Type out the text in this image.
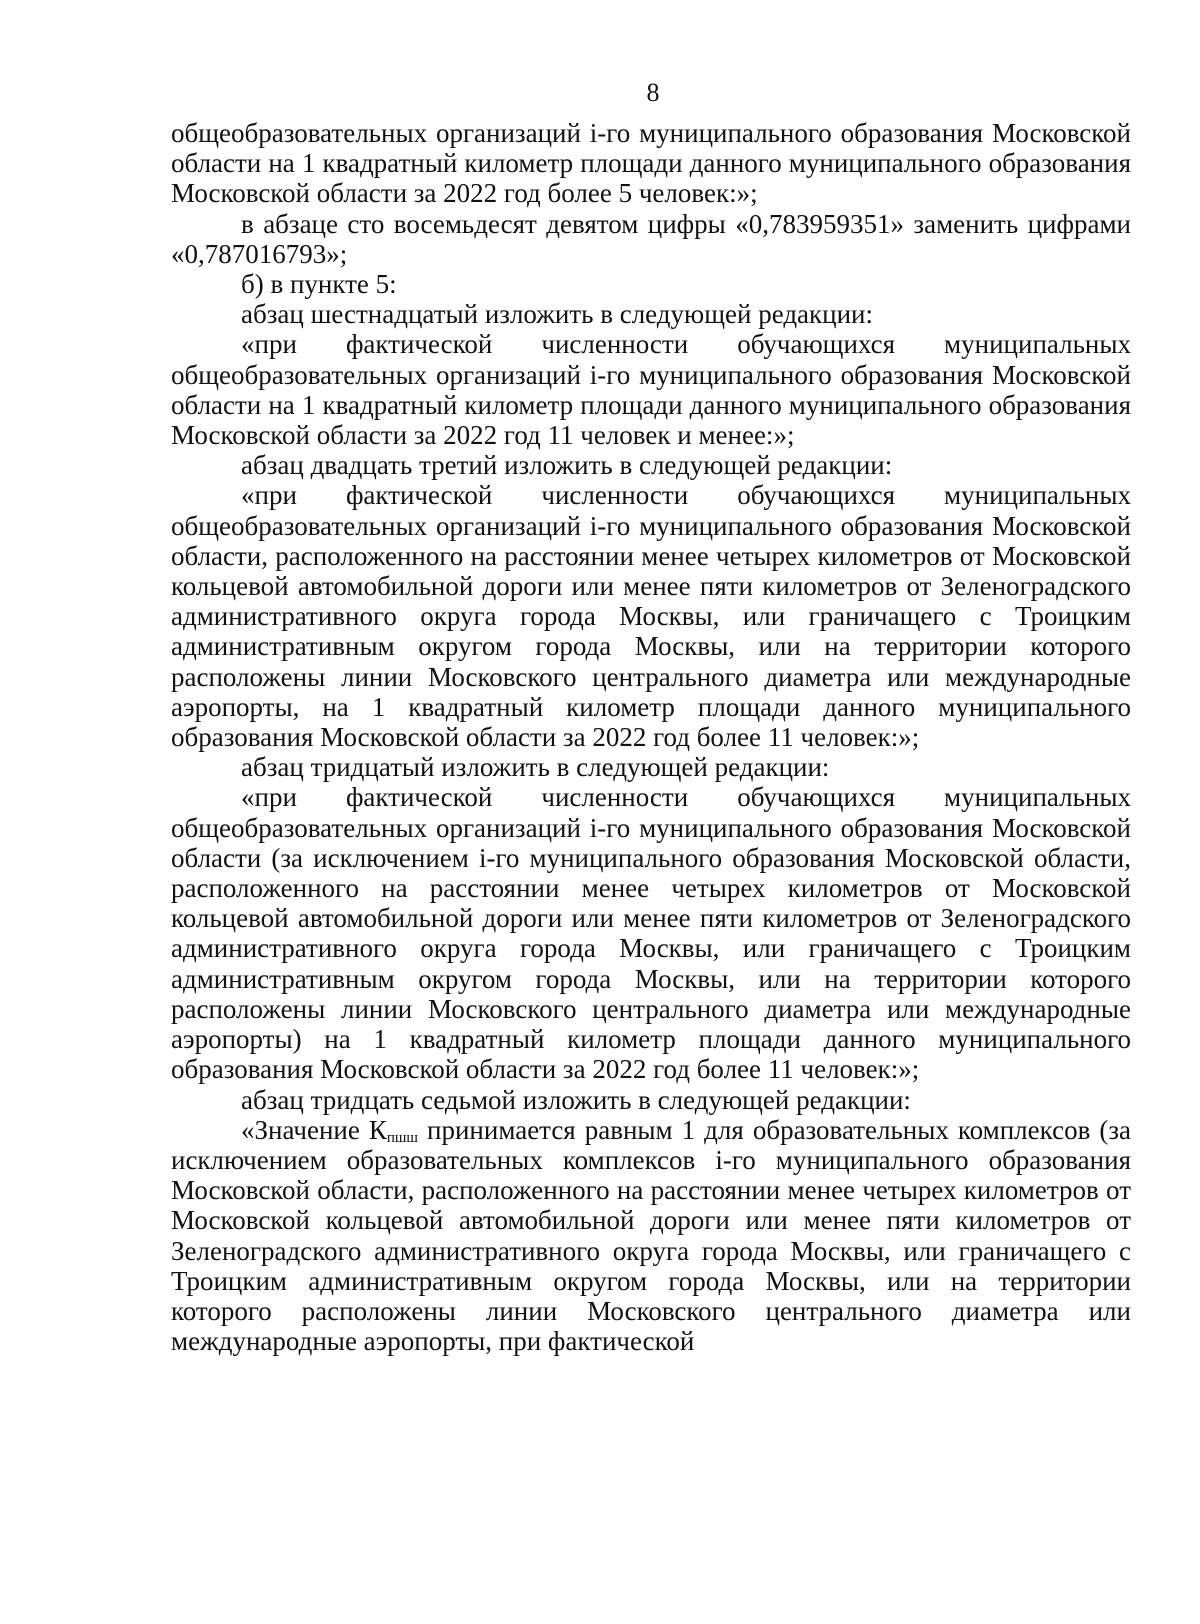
8

общеобразовательных организаций i-го муниципального образования Московской области на 1 квадратный километр площади данного муниципального образования Московской области за 2022 год более 5 человек:»;

в абзаце сто восемьдесят девятом цифры «0,783959351» заменить цифрами «0,787016793»;

б) в пункте 5:

абзац шестнадцатый изложить в следующей редакции:

«при фактической численности обучающихся муниципальных общеобразовательных организаций i-го муниципального образования Московской области на 1 квадратный километр площади данного муниципального образования Московской области за 2022 год 11 человек и менее:»;

абзац двадцать третий изложить в следующей редакции:

«при фактической численности обучающихся муниципальных общеобразовательных организаций i-го муниципального образования Московской области, расположенного на расстоянии менее четырех километров от Московской кольцевой автомобильной дороги или менее пяти километров от Зеленоградского административного округа города Москвы, или граничащего с Троицким административным округом города Москвы, или на территории которого расположены линии Московского центрального диаметра или международные аэропорты, на 1 квадратный километр площади данного муниципального образования Московской области за 2022 год более 11 человек:»;

абзац тридцатый изложить в следующей редакции:

«при фактической численности обучающихся муниципальных общеобразовательных организаций i-го муниципального образования Московской области (за исключением i-го муниципального образования Московской области, расположенного на расстоянии менее четырех километров от Московской кольцевой автомобильной дороги или менее пяти километров от Зеленоградского административного округа города Москвы, или граничащего с Троицким административным округом города Москвы, или на территории которого расположены линии Московского центрального диаметра или международные аэропорты) на 1 квадратный километр площади данного муниципального образования Московской области за 2022 год более 11 человек:»;

абзац тридцать седьмой изложить в следующей редакции:

«Значение $К_{пшш}$ принимается равным 1 для образовательных комплексов (за исключением образовательных комплексов i-го муниципального образования Московской области, расположенного на расстоянии менее четырех километров от Московской кольцевой автомобильной дороги или менее пяти километров от Зеленоградского административного округа города Москвы, или граничащего с Троицким административным округом города Москвы, или на территории которого расположены линии Московского центрального диаметра или международные аэропорты, при фактической
